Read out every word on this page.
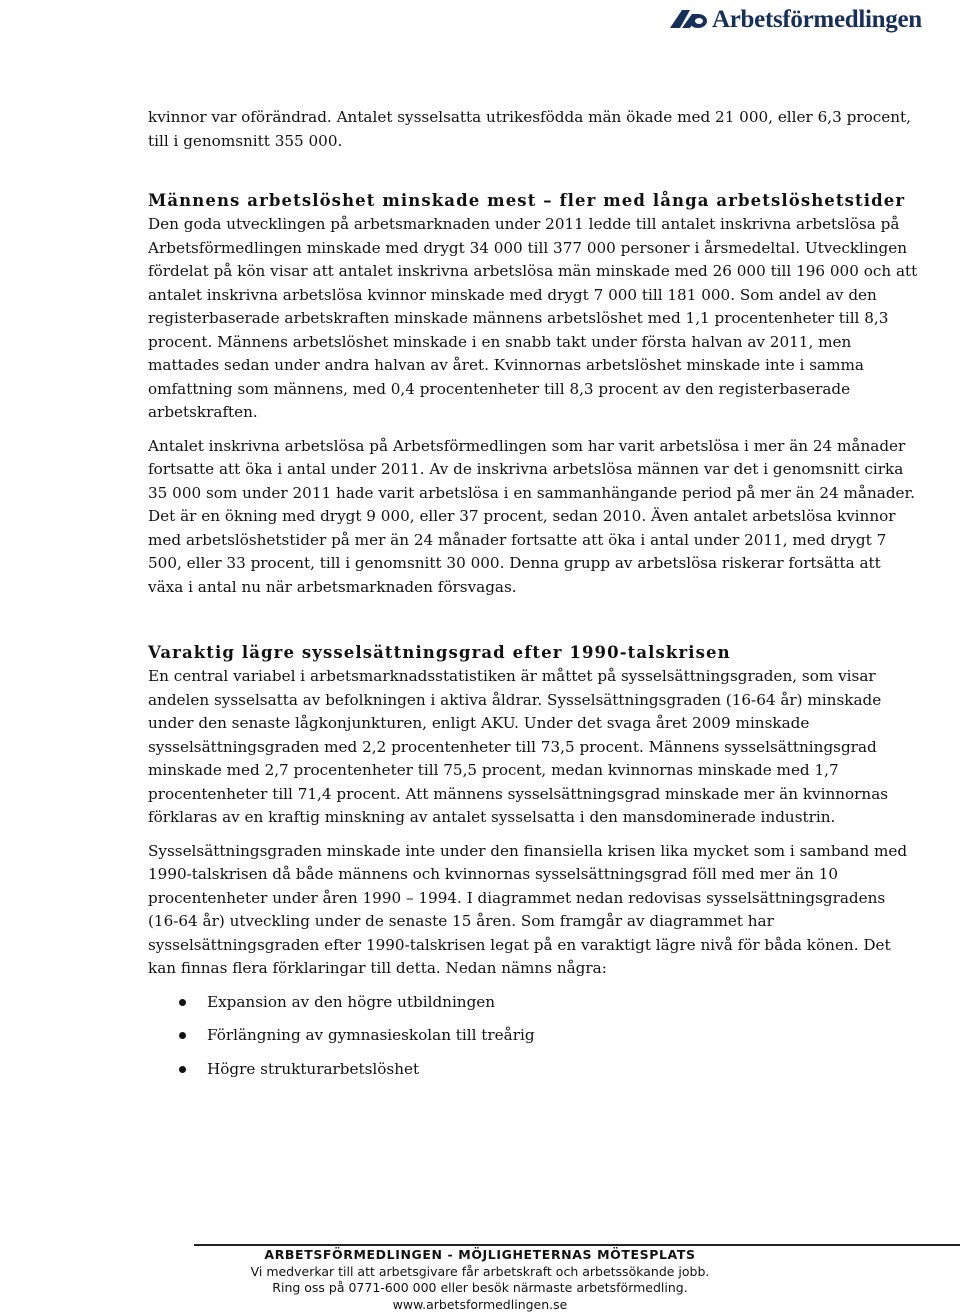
Arbetsförmedlingen

kvinnor var oförändrad. Antalet sysselsatta utrikesfödda män ökade med 21 000, eller 6,3 procent, till i genomsnitt 355 000.

Männens arbetslöshet minskade mest – fler med långa arbetslöshetstider

Den goda utvecklingen på arbetsmarknaden under 2011 ledde till antalet inskrivna arbetslösa på Arbetsförmedlingen minskade med drygt 34 000 till 377 000 personer i årsmedeltal. Utvecklingen fördelat på kön visar att antalet inskrivna arbetslösa män minskade med 26 000 till 196 000 och att antalet inskrivna arbetslösa kvinnor minskade med drygt 7 000 till 181 000. Som andel av den registerbaserade arbetskraften minskade männens arbetslöshet med 1,1 procentenheter till 8,3 procent. Männens arbetslöshet minskade i en snabb takt under första halvan av 2011, men mattades sedan under andra halvan av året. Kvinnornas arbetslöshet minskade inte i samma omfattning som männens, med 0,4 procentenheter till 8,3 procent av den registerbaserade arbetskraften.

Antalet inskrivna arbetslösa på Arbetsförmedlingen som har varit arbetslösa i mer än 24 månader fortsatte att öka i antal under 2011. Av de inskrivna arbetslösa männen var det i genomsnitt cirka 35 000 som under 2011 hade varit arbetslösa i en sammanhängande period på mer än 24 månader. Det är en ökning med drygt 9 000, eller 37 procent, sedan 2010. Även antalet arbetslösa kvinnor med arbetslöshetstider på mer än 24 månader fortsatte att öka i antal under 2011, med drygt 7 500, eller 33 procent, till i genomsnitt 30 000. Denna grupp av arbetslösa riskerar fortsätta att växa i antal nu när arbetsmarknaden försvagas.

Varaktig lägre sysselsättningsgrad efter 1990-talskrisen

En central variabel i arbetsmarknadsstatistiken är måttet på sysselsättningsgraden, som visar andelen sysselsatta av befolkningen i aktiva åldrar. Sysselsättningsgraden (16-64 år) minskade under den senaste lågkonjunkturen, enligt AKU. Under det svaga året 2009 minskade sysselsättningsgraden med 2,2 procentenheter till 73,5 procent. Männens sysselsättningsgrad minskade med 2,7 procentenheter till 75,5 procent, medan kvinnornas minskade med 1,7 procentenheter till 71,4 procent. Att männens sysselsättningsgrad minskade mer än kvinnornas förklaras av en kraftig minskning av antalet sysselsatta i den mansdominerade industrin.

Sysselsättningsgraden minskade inte under den finansiella krisen lika mycket som i samband med 1990-talskrisen då både männens och kvinnornas sysselsättningsgrad föll med mer än 10 procentenheter under åren 1990 – 1994. I diagrammet nedan redovisas sysselsättningsgradens (16-64 år) utveckling under de senaste 15 åren. Som framgår av diagrammet har sysselsättningsgraden efter 1990-talskrisen legat på en varaktigt lägre nivå för båda könen. Det kan finnas flera förklaringar till detta. Nedan nämns några:

Expansion av den högre utbildningen
Förlängning av gymnasieskolan till treårig
Högre strukturarbetslöshet
ARBETSFÖRMEDLINGEN - MÖJLIGHETERNAS MÖTESPLATS
Vi medverkar till att arbetsgivare får arbetskraft och arbetssökande jobb.
Ring oss på 0771-600 000 eller besök närmaste arbetsförmedling.
www.arbetsformedlingen.se
